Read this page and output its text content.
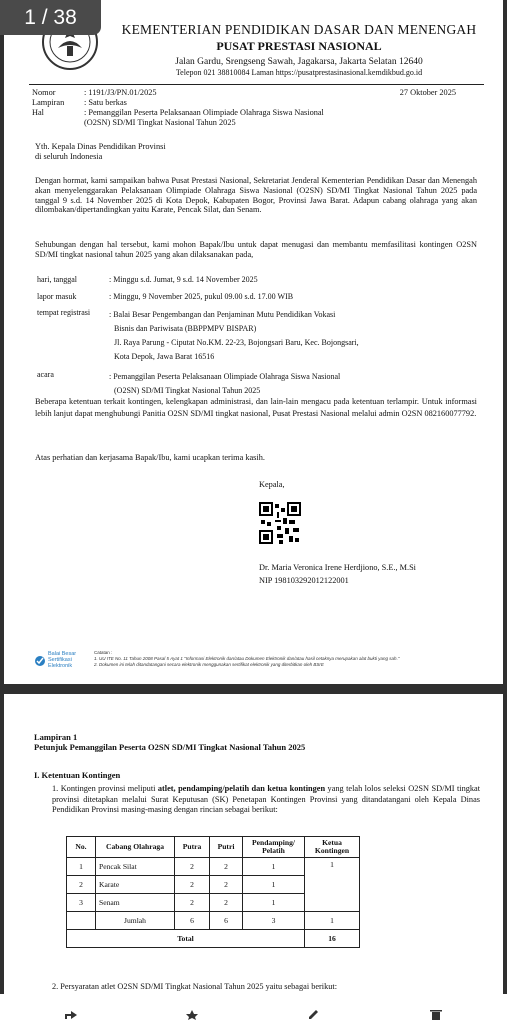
1 / 38
KEMENTERIAN PENDIDIKAN DASAR DAN MENENGAH
PUSAT PRESTASI NASIONAL
Jalan Gardu, Srengseng Sawah, Jagakarsa, Jakarta Selatan 12640
Telepon 021 38810084 Laman https://pusatprestasinasional.kemdikbud.go.id
Nomor	: 1191/J3/PN.01/2025
Lampiran	: Satu berkas
Hal	: Pemanggilan Peserta Pelaksanaan Olimpiade Olahraga Siswa Nasional
	(O2SN) SD/MI Tingkat Nasional Tahun 2025
27 Oktober 2025
Yth. Kepala Dinas Pendidikan Provinsi
di seluruh Indonesia
Dengan hormat, kami sampaikan bahwa Pusat Prestasi Nasional, Sekretariat Jenderal Kementerian Pendidikan Dasar dan Menengah akan menyelenggarakan Pelaksanaan Olimpiade Olahraga Siswa Nasional (O2SN) SD/MI Tingkat Nasional Tahun 2025 pada tanggal 9 s.d. 14 November 2025 di Kota Depok, Kabupaten Bogor, Provinsi Jawa Barat. Adapun cabang olahraga yang akan dilombakan/dipertandingkan yaitu Karate, Pencak Silat, dan Senam.
Sehubungan dengan hal tersebut, kami mohon Bapak/Ibu untuk dapat menugasi dan membantu memfasilitasi kontingen O2SN SD/MI tingkat nasional tahun 2025 yang akan dilaksanakan pada,
hari, tanggal	: Minggu s.d. Jumat, 9 s.d. 14 November 2025
lapor masuk	: Minggu, 9 November 2025, pukul 09.00 s.d. 17.00 WIB
tempat registrasi	: Balai Besar Pengembangan dan Penjaminan Mutu Pendidikan Vokasi
Bisnis dan Pariwisata (BBPPMPV BISPAR)
Jl. Raya Parung - Ciputat No.KM. 22-23, Bojongsari Baru, Kec. Bojongsari,
Kota Depok, Jawa Barat 16516
acara	: Pemanggilan Peserta Pelaksanaan Olimpiade Olahraga Siswa Nasional
(O2SN) SD/MI Tingkat Nasional Tahun 2025
Beberapa ketentuan terkait kontingen, kelengkapan administrasi, dan lain-lain mengacu pada ketentuan terlampir. Untuk informasi lebih lanjut dapat menghubungi Panitia O2SN SD/MI tingkat nasional, Pusat Prestasi Nasional melalui admin O2SN 082160077792.
Atas perhatian dan kerjasama Bapak/Ibu, kami ucapkan terima kasih.
Kepala,
Dr. Maria Veronica Irene Herdjiono, S.E., M.Si
NIP 198103292012122001
Balai Besar
Sertifikasi
Elektronik
Catatan :
1. UU ITE No. 11 Tahun 2008 Pasal 5 Ayat 1 "Informasi Elektronik dan/atau Dokumen Elektronik dan/atau hasil cetaknya merupakan alat bukti yang sah."
2. Dokumen ini telah ditandatangani secara elektronik menggunakan sertifikat elektronik yang diterbitkan oleh BSrE
Lampiran 1
Petunjuk Pemanggilan Peserta O2SN SD/MI Tingkat Nasional Tahun 2025
I. Ketentuan Kontingen
1. Kontingen provinsi meliputi atlet, pendamping/pelatih dan ketua kontingen yang telah lolos seleksi O2SN SD/MI tingkat provinsi ditetapkan melalui Surat Keputusan (SK) Penetapan Kontingen Provinsi yang ditandatangani oleh Kepala Dinas Pendidikan Provinsi masing-masing dengan rincian sebagai berikut:
No.	Cabang Olahraga	Putra	Putri	Pendamping/ Pelatih	Ketua Kontingen
1	Pencak Silat	2	2	1	1
2	Karate	2	2	1	
3	Senam	2	2	1	
	Jumlah	6	6	3	1
Total					16
2. Persyaratan atlet O2SN SD/MI Tingkat Nasional Tahun 2025 yaitu sebagai berikut:
